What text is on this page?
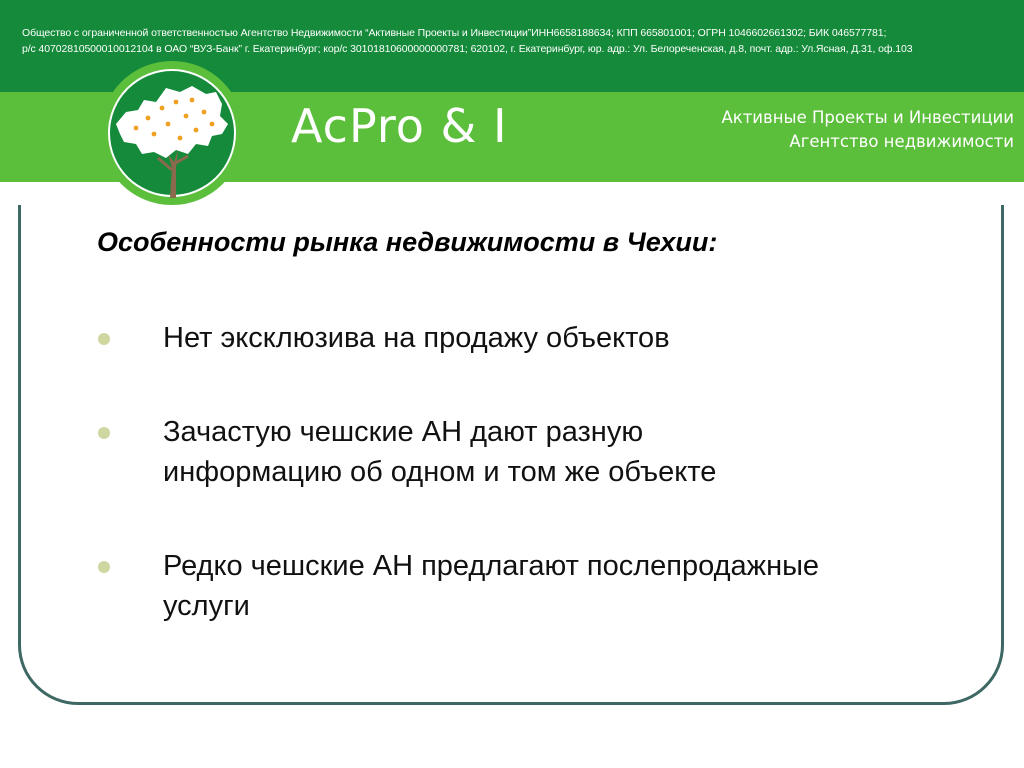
Общество с ограниченной ответственностью Агентство Недвижимости “Активные Проекты и Инвестиции”ИНН6658188634; КПП 665801001; ОГРН 1046602661302; БИК 046577781;
р/с 40702810500010012104 в ОАО “ВУЗ-Банк” г. Екатеринбург; кор/с 30101810600000000781; 620102, г. Екатеринбург, юр. адр.: Ул. Белореченская, д.8, почт. адр.: Ул.Ясная, Д.31, оф.103
AcPro & I	Активные Проекты и Инвестиции
Агентство недвижимости
Особенности рынка недвижимости в Чехии:
Нет эксклюзива на продажу объектов
Зачастую чешские АН дают разную
информацию об одном и том же объекте
Редко чешские АН предлагают послепродажные
услуги
